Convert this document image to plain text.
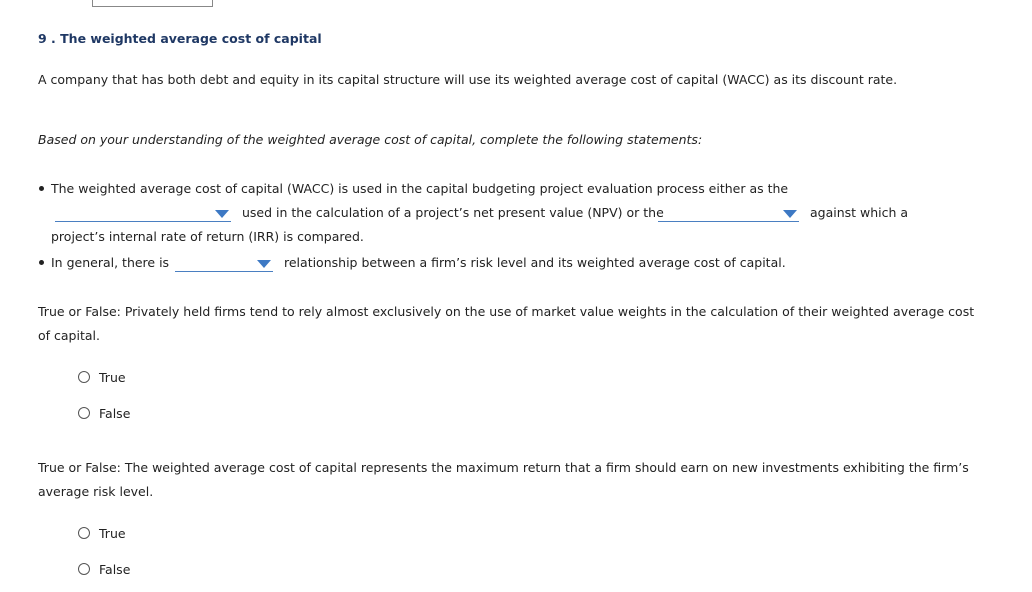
9 . The weighted average cost of capital
A company that has both debt and equity in its capital structure will use its weighted average cost of capital (WACC) as its discount rate.
Based on your understanding of the weighted average cost of capital, complete the following statements:
The weighted average cost of capital (WACC) is used in the capital budgeting project evaluation process either as the
used in the calculation of a project’s net present value (NPV) or the	against which a
project’s internal rate of return (IRR) is compared.
In general, there is	relationship between a firm’s risk level and its weighted average cost of capital.
True or False: Privately held firms tend to rely almost exclusively on the use of market value weights in the calculation of their weighted average cost
of capital.
True
False
True or False: The weighted average cost of capital represents the maximum return that a firm should earn on new investments exhibiting the firm’s
average risk level.
True
False
